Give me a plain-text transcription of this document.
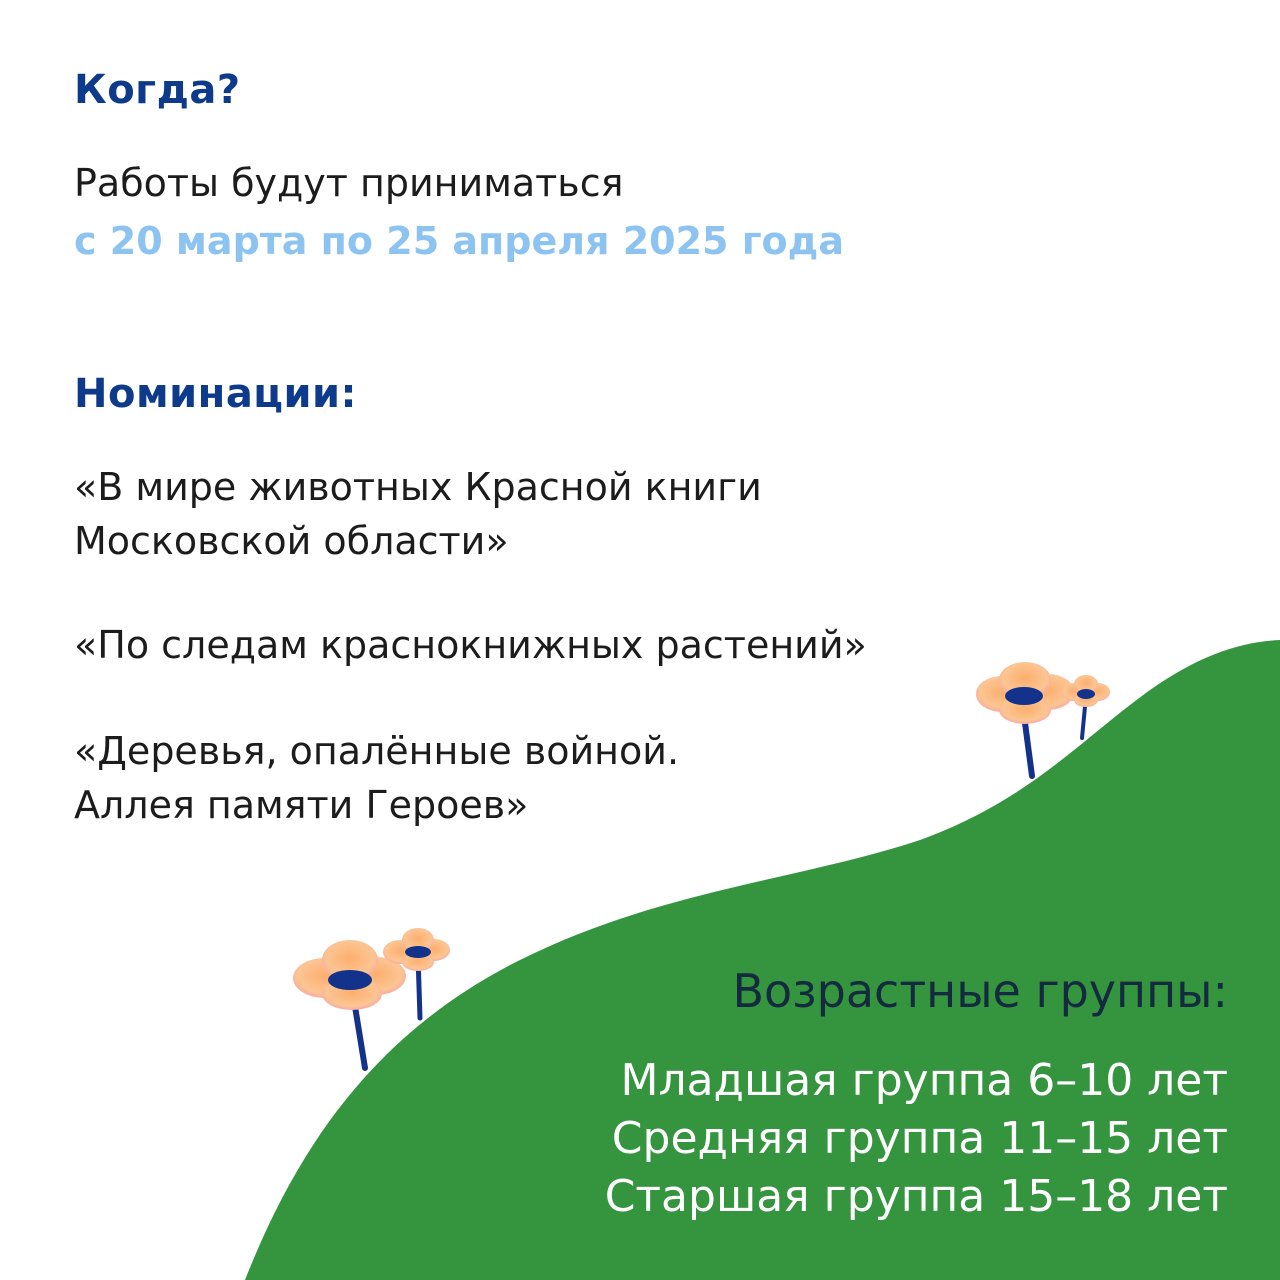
Когда?

Работы будут приниматься

с 20 марта по 25 апреля 2025 года

Номинации:

«В мире животных Красной книги
Московской области»

«По следам краснокнижных растений»

«Деревья, опалённые войной.
Аллея памяти Героев»

Возрастные группы:
Младшая группа 6–10 лет
Средняя группа 11–15 лет
Старшая группа 15–18 лет
